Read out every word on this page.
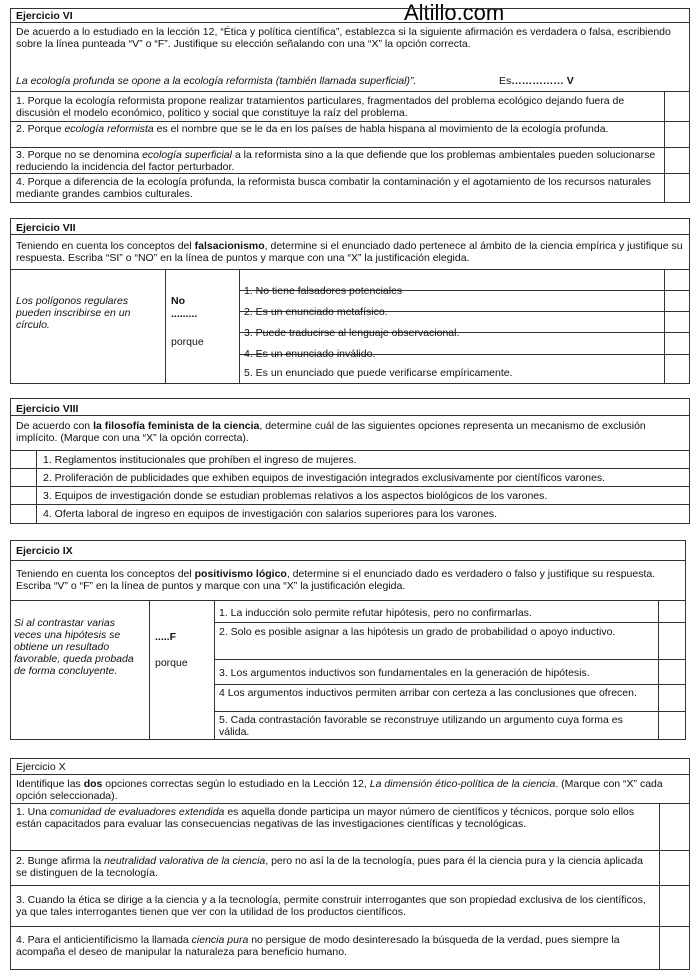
Altillo.com
Ejercicio VI
De acuerdo a lo estudiado en la lección 12, “Ética y política científica”, establezca si la siguiente afirmación es verdadera o falsa, escribiendo sobre la línea punteada “V” o “F”. Justifique su elección señalando con una “X” la opción correcta.
La ecología profunda se opone a la ecología reformista (también llamada superficial)”.	Es…………… V
1. Porque la ecología reformista propone realizar tratamientos particulares, fragmentados del problema ecológico dejando fuera de discusión el modelo económico, político y social que constituye la raíz del problema.
2. Porque ecología reformista es el nombre que se le da en los países de habla hispana al movimiento de la ecología profunda.
3. Porque no se denomina ecología superficial a la reformista sino a la que defiende que los problemas ambientales pueden solucionarse reduciendo la incidencia del factor perturbador.
4. Porque a diferencia de la ecología profunda, la reformista busca combatir la contaminación y el agotamiento de los recursos naturales mediante grandes cambios culturales.
Ejercicio VII
Teniendo en cuenta los conceptos del falsacionismo, determine si el enunciado dado pertenece al ámbito de la ciencia empírica y justifique su respuesta. Escriba “SI” o “NO” en la línea de puntos y marque con una “X” la justificación elegida.
Los polígonos regulares pueden inscribirse en un círculo.
No
.........
porque
1. No tiene falsadores potenciales
2. Es un enunciado metafísico.
3. Puede traducirse al lenguaje observacional.
4. Es un enunciado inválido.
5. Es un enunciado que puede verificarse empíricamente.
Ejercicio VIII
De acuerdo con la filosofía feminista de la ciencia, determine cuál de las siguientes opciones representa un mecanismo de exclusión implícito. (Marque con una “X” la opción correcta).
1. Reglamentos institucionales que prohíben el ingreso de mujeres.
2. Proliferación de publicidades que exhiben equipos de investigación integrados exclusivamente por científicos varones.
3. Equipos de investigación donde se estudian problemas relativos a los aspectos biológicos de los varones.
4. Oferta laboral de ingreso en equipos de investigación con salarios superiores para los varones.
Ejercicio IX
Teniendo en cuenta los conceptos del positivismo lógico, determine si el enunciado dado es verdadero o falso y justifique su respuesta. Escriba “V” o “F” en la línea de puntos y marque con una “X” la justificación elegida.
Si al contrastar varias veces una hipótesis se obtiene un resultado favorable, queda probada de forma concluyente.
.....F
porque
1. La inducción solo permite refutar hipótesis, pero no confirmarlas.
2. Solo es posible asignar a las hipótesis un grado de probabilidad o apoyo inductivo.
3. Los argumentos inductivos son fundamentales en la generación de hipótesis.
4 Los argumentos inductivos permiten arribar con certeza a las conclusiones que ofrecen.
5. Cada contrastación favorable se reconstruye utilizando un argumento cuya forma es válida.
Ejercicio X
Identifique las dos opciones correctas según lo estudiado en la Lección 12, La dimensión ético-política de la ciencia. (Marque con “X” cada opción seleccionada).
1. Una comunidad de evaluadores extendida es aquella donde participa un mayor número de científicos y técnicos, porque solo ellos están capacitados para evaluar las consecuencias negativas de las investigaciones científicas y tecnológicas.
2. Bunge afirma la neutralidad valorativa de la ciencia, pero no así la de la tecnología, pues para él la ciencia pura y la ciencia aplicada se distinguen de la tecnología.
3. Cuando la ética se dirige a la ciencia y a la tecnología, permite construir interrogantes que son propiedad exclusiva de los científicos, ya que tales interrogantes tienen que ver con la utilidad de los productos científicos.
4. Para el anticientificismo la llamada ciencia pura no persigue de modo desinteresado la búsqueda de la verdad, pues siempre la acompaña el deseo de manipular la naturaleza para beneficio humano.
